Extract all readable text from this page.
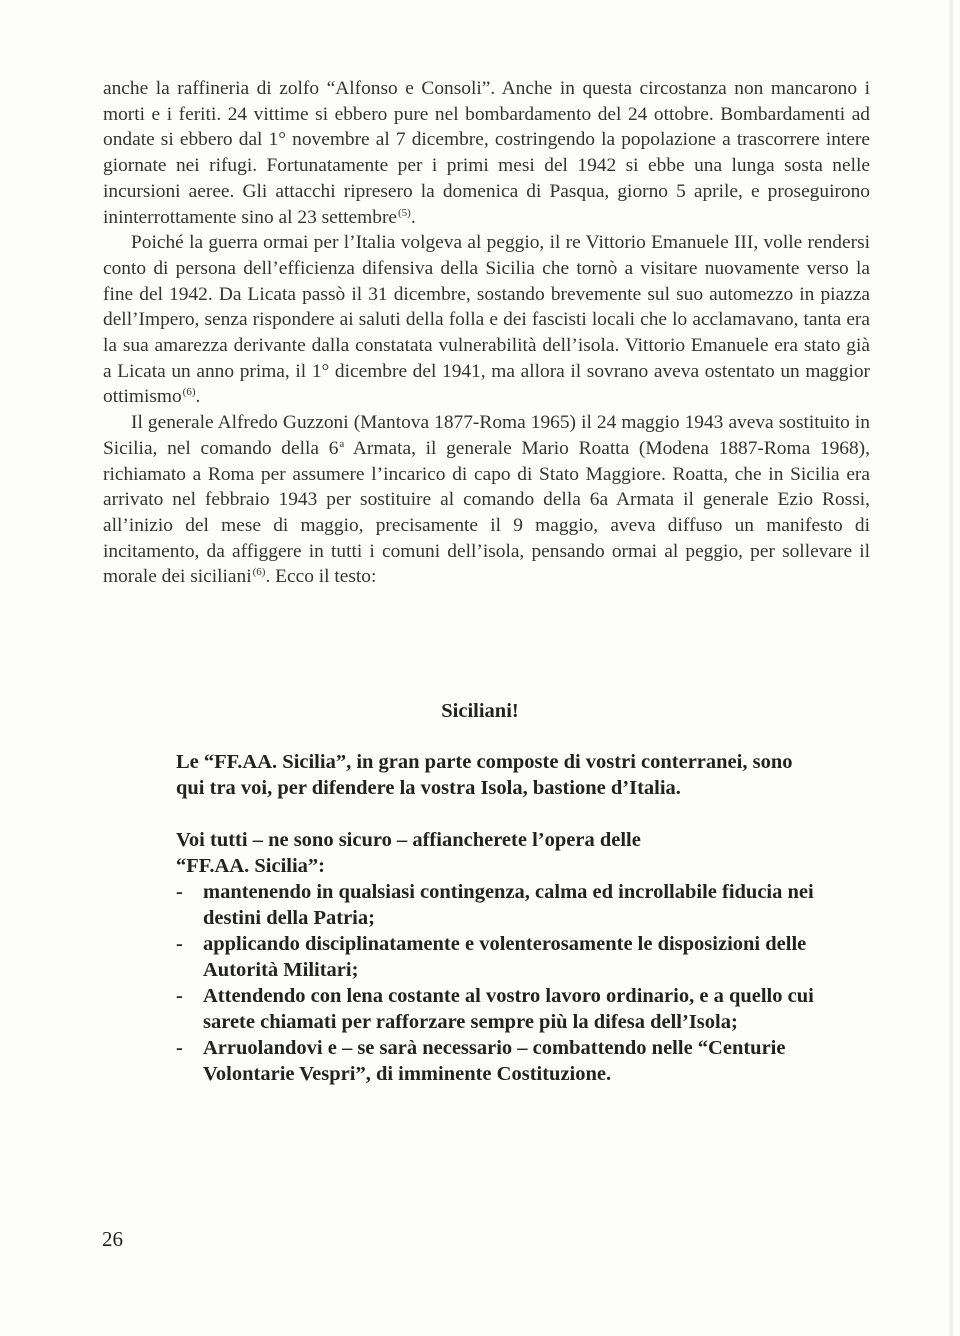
anche la raffineria di zolfo “Alfonso e Consoli”. Anche in questa circostanza non mancarono i morti e i feriti. 24 vittime si ebbero pure nel bombardamento del 24 ottobre. Bombardamenti ad ondate si ebbero dal 1° novembre al 7 dicembre, costringendo la popolazione a trascorrere intere giornate nei rifugi. Fortunatamente per i primi mesi del 1942 si ebbe una lunga sosta nelle incursioni aeree. Gli attacchi ripresero la domenica di Pasqua, giorno 5 aprile, e proseguirono ininterrottamente sino al 23 settembre$^{(5)}$.

Poiché la guerra ormai per l’Italia volgeva al peggio, il re Vittorio Emanuele III, volle rendersi conto di persona dell’efficienza difensiva della Sicilia che tornò a visitare nuovamente verso la fine del 1942. Da Licata passò il 31 dicembre, sostando brevemente sul suo automezzo in piazza dell’Impero, senza rispondere ai saluti della folla e dei fascisti locali che lo acclamavano, tanta era la sua amarezza derivante dalla constatata vulnerabilità dell’isola. Vittorio Emanuele era stato già a Licata un anno prima, il 1° dicembre del 1941, ma allora il sovrano aveva ostentato un maggior ottimismo$^{(6)}$.

Il generale Alfredo Guzzoni (Mantova 1877-Roma 1965) il 24 maggio 1943 aveva sostituito in Sicilia, nel comando della 6$^a$ Armata, il generale Mario Roatta (Modena 1887-Roma 1968), richiamato a Roma per assumere l’incarico di capo di Stato Maggiore. Roatta, che in Sicilia era arrivato nel febbraio 1943 per sostituire al comando della 6a Armata il generale Ezio Rossi, all’inizio del mese di maggio, precisamente il 9 maggio, aveva diffuso un manifesto di incitamento, da affiggere in tutti i comuni dell’isola, pensando ormai al peggio, per sollevare il morale dei siciliani$^{(6)}$. Ecco il testo:

Siciliani!

Le “FF.AA. Sicilia”, in gran parte composte di vostri conterranei, sono qui tra voi, per difendere la vostra Isola, bastione d’Italia.

Voi tutti – ne sono sicuro – affiancherete l’opera delle
“FF.AA. Sicilia”:

- mantenendo in qualsiasi contingenza, calma ed incrollabile fiducia nei destini della Patria;
- applicando disciplinatamente e volenterosamente le disposizioni delle Autorità Militari;
- Attendendo con lena costante al vostro lavoro ordinario, e a quello cui sarete chiamati per rafforzare sempre più la difesa dell’Isola;
- Arruolandovi e – se sarà necessario – combattendo nelle “Centurie Volontarie Vespri”, di imminente Costituzione.
26
